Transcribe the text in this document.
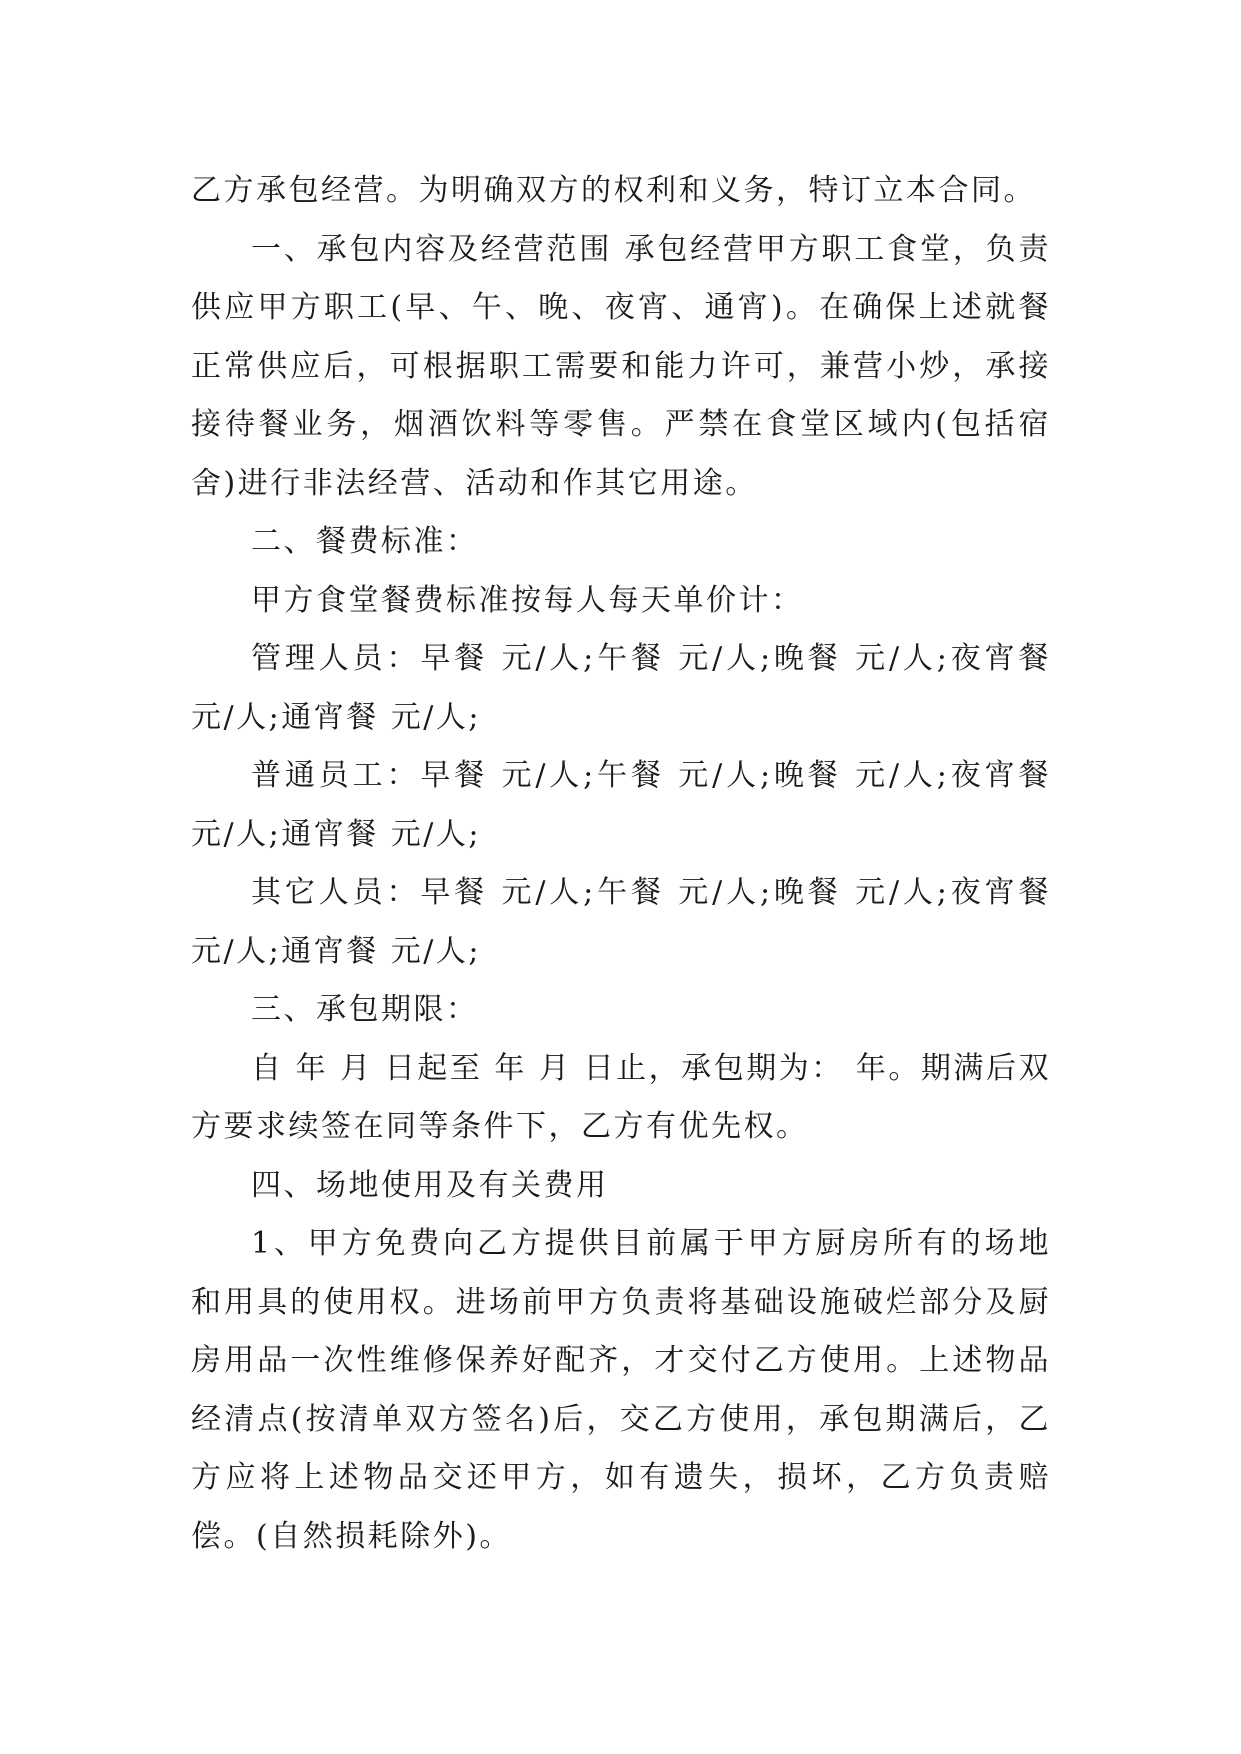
乙方承包经营。为明确双方的权利和义务，特订立本合同。

一、承包内容及经营范围 承包经营甲方职工食堂，负责供应甲方职工(早、午、晚、夜宵、通宵)。在确保上述就餐正常供应后，可根据职工需要和能力许可，兼营小炒，承接接待餐业务，烟酒饮料等零售。严禁在食堂区域内(包括宿舍)进行非法经营、活动和作其它用途。

二、餐费标准：

甲方食堂餐费标准按每人每天单价计：

管理人员：早餐 元/人;午餐 元/人;晚餐 元/人;夜宵餐 元/人;通宵餐 元/人;

普通员工：早餐 元/人;午餐 元/人;晚餐 元/人;夜宵餐 元/人;通宵餐 元/人;

其它人员：早餐 元/人;午餐 元/人;晚餐 元/人;夜宵餐 元/人;通宵餐 元/人;

三、承包期限：

自 年 月 日起至 年 月 日止，承包期为： 年。期满后双方要求续签在同等条件下，乙方有优先权。

四、场地使用及有关费用

1、甲方免费向乙方提供目前属于甲方厨房所有的场地和用具的使用权。进场前甲方负责将基础设施破烂部分及厨房用品一次性维修保养好配齐，才交付乙方使用。上述物品经清点(按清单双方签名)后，交乙方使用，承包期满后，乙方应将上述物品交还甲方，如有遗失，损坏，乙方负责赔偿。(自然损耗除外)。
